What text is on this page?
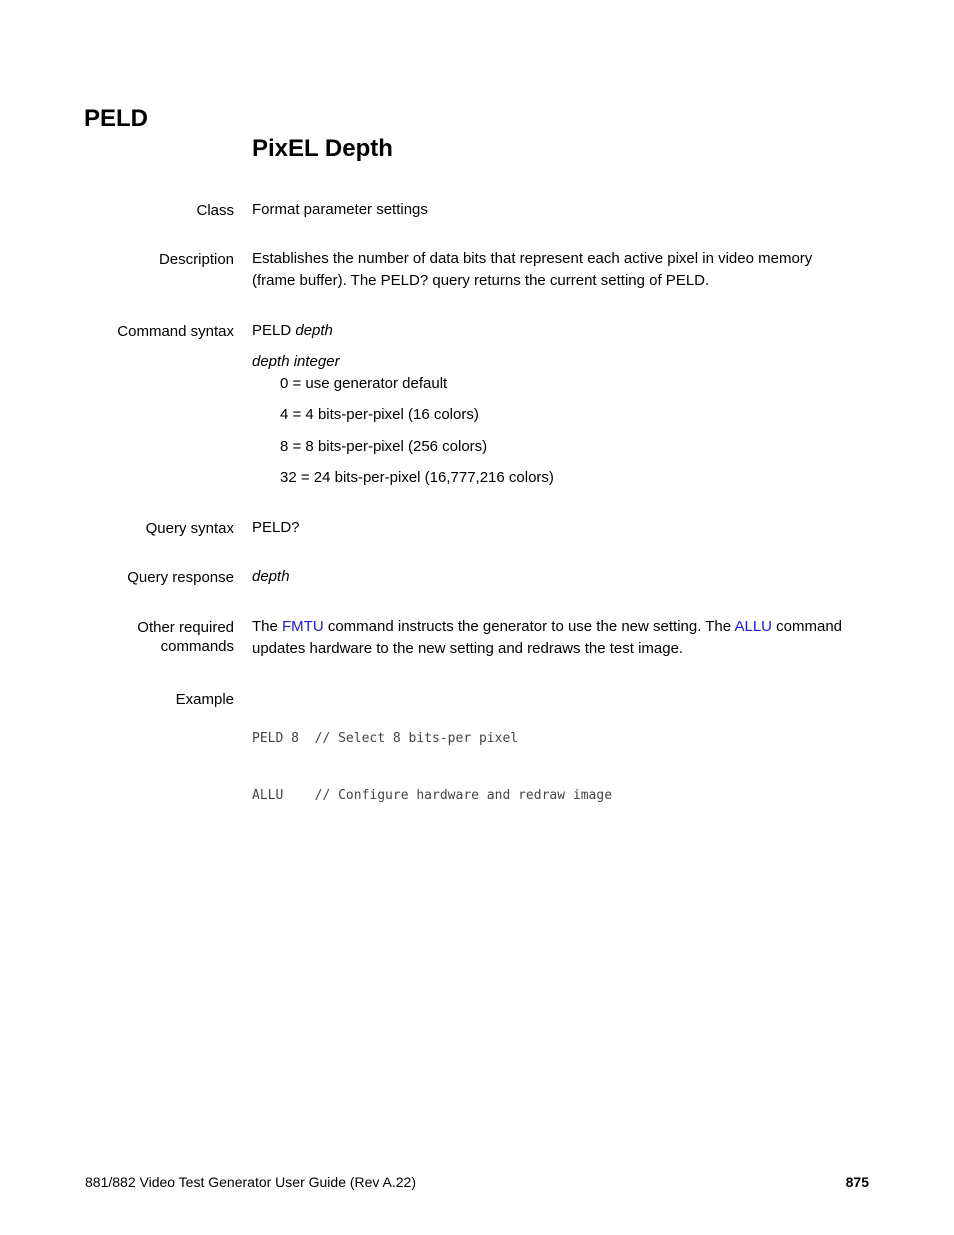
PELD
PixEL Depth
Class Format parameter settings
Description Establishes the number of data bits that represent each active pixel in video memory
(frame buffer). The PELD? query returns the current setting of PELD.
Command syntax PELD depth
depth integer
0 = use generator default
4 = 4 bits-per-pixel (16 colors)
8 = 8 bits-per-pixel (256 colors)
32 = 24 bits-per-pixel (16,777,216 colors)
Query syntax PELD?
Query response depth
Other required
commands
The FMTU command instructs the generator to use the new setting. The ALLU command
updates hardware to the new setting and redraws the test image.
Example

PELD 8  // Select 8 bits-per pixel

ALLU    // Configure hardware and redraw image

881/882 Video Test Generator User Guide (Rev A.22)	875
